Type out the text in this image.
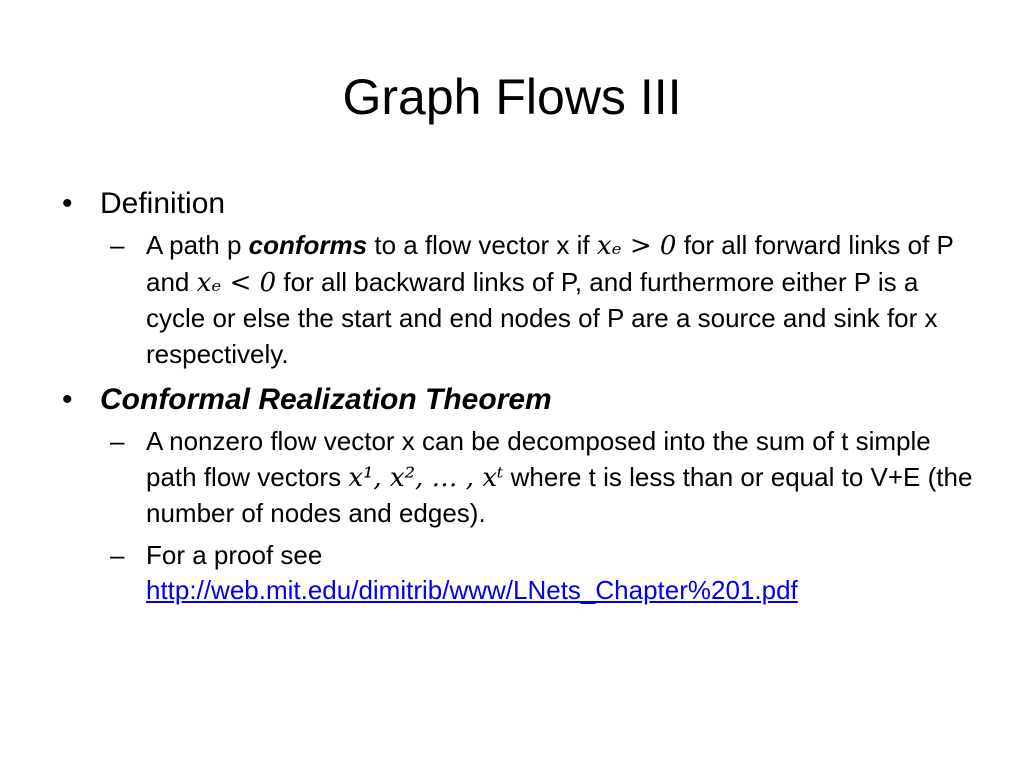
Graph Flows III
• Definition
– A path p conforms to a flow vector x if xₑ > 0 for all forward links of P and xₑ < 0 for all backward links of P, and furthermore either P is a cycle or else the start and end nodes of P are a source and sink for x respectively.
• Conformal Realization Theorem
– A nonzero flow vector x can be decomposed into the sum of t simple path flow vectors x¹, x², … , xᵗ where t is less than or equal to V+E (the number of nodes and edges).
– For a proof see
http://web.mit.edu/dimitrib/www/LNets_Chapter%201.pdf
